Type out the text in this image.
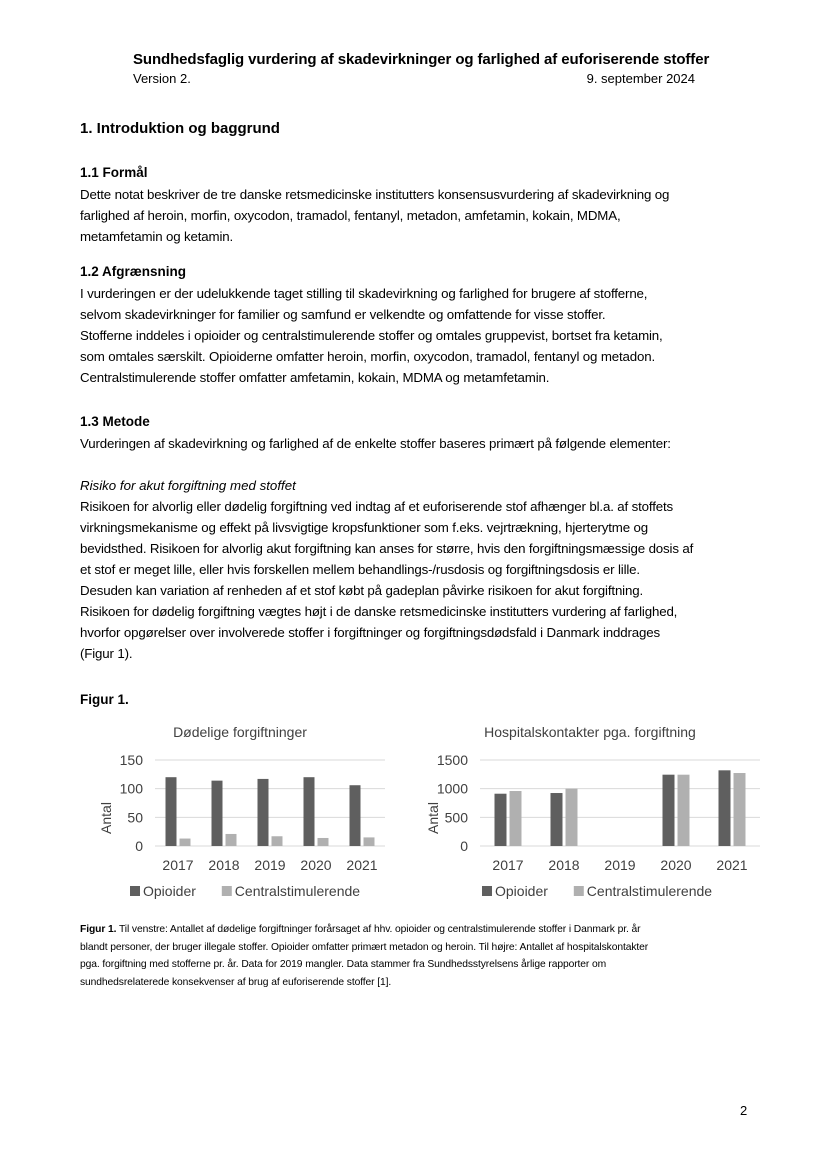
Sundhedsfaglig vurdering af skadevirkninger og farlighed af euforiserende stoffer
Version 2.	9. september 2024
1. Introduktion og baggrund
1.1 Formål

Dette notat beskriver de tre danske retsmedicinske institutters konsensusvurdering af skadevirkning og

farlighed af heroin, morfin, oxycodon, tramadol, fentanyl, metadon, amfetamin, kokain, MDMA,

metamfetamin og ketamin.

1.2 Afgrænsning

I vurderingen er der udelukkende taget stilling til skadevirkning og farlighed for brugere af stofferne,

selvom skadevirkninger for familier og samfund er velkendte og omfattende for visse stoffer.

Stofferne inddeles i opioider og centralstimulerende stoffer og omtales gruppevist, bortset fra ketamin,

som omtales særskilt. Opioiderne omfatter heroin, morfin, oxycodon, tramadol, fentanyl og metadon.

Centralstimulerende stoffer omfatter amfetamin, kokain, MDMA og metamfetamin.

1.3 Metode

Vurderingen af skadevirkning og farlighed af de enkelte stoffer baseres primært på følgende elementer:

Risiko for akut forgiftning med stoffet

Risikoen for alvorlig eller dødelig forgiftning ved indtag af et euforiserende stof afhænger bl.a. af stoffets

virkningsmekanisme og effekt på livsvigtige kropsfunktioner som f.eks. vejrtrækning, hjerterytme og

bevidsthed. Risikoen for alvorlig akut forgiftning kan anses for større, hvis den forgiftningsmæssige dosis af

et stof er meget lille, eller hvis forskellen mellem behandlings-/rusdosis og forgiftningsdosis er lille.

Desuden kan variation af renheden af et stof købt på gadeplan påvirke risikoen for akut forgiftning.

Risikoen for dødelig forgiftning vægtes højt i de danske retsmedicinske institutters vurdering af farlighed,

hvorfor opgørelser over involverede stoffer i forgiftninger og forgiftningsdødsfald i Danmark inddrages

(Figur 1).

Figur 1.
Dødelige forgiftninger
0
50
100
150
Antal
2017 2018 2019 2020 2021
Opioider	Centralstimulerende
Hospitalskontakter pga. forgiftning
0
500
1000
1500
Antal
2017 2018 2019 2020 2021
Opioider	Centralstimulerende

Figur 1. Til venstre: Antallet af dødelige forgiftninger forårsaget af hhv. opioider og centralstimulerende stoffer i Danmark pr. år

blandt personer, der bruger illegale stoffer. Opioider omfatter primært metadon og heroin. Til højre: Antallet af hospitalskontakter

pga. forgiftning med stofferne pr. år. Data for 2019 mangler. Data stammer fra Sundhedsstyrelsens årlige rapporter om

sundhedsrelaterede konsekvenser af brug af euforiserende stoffer [1].

2
